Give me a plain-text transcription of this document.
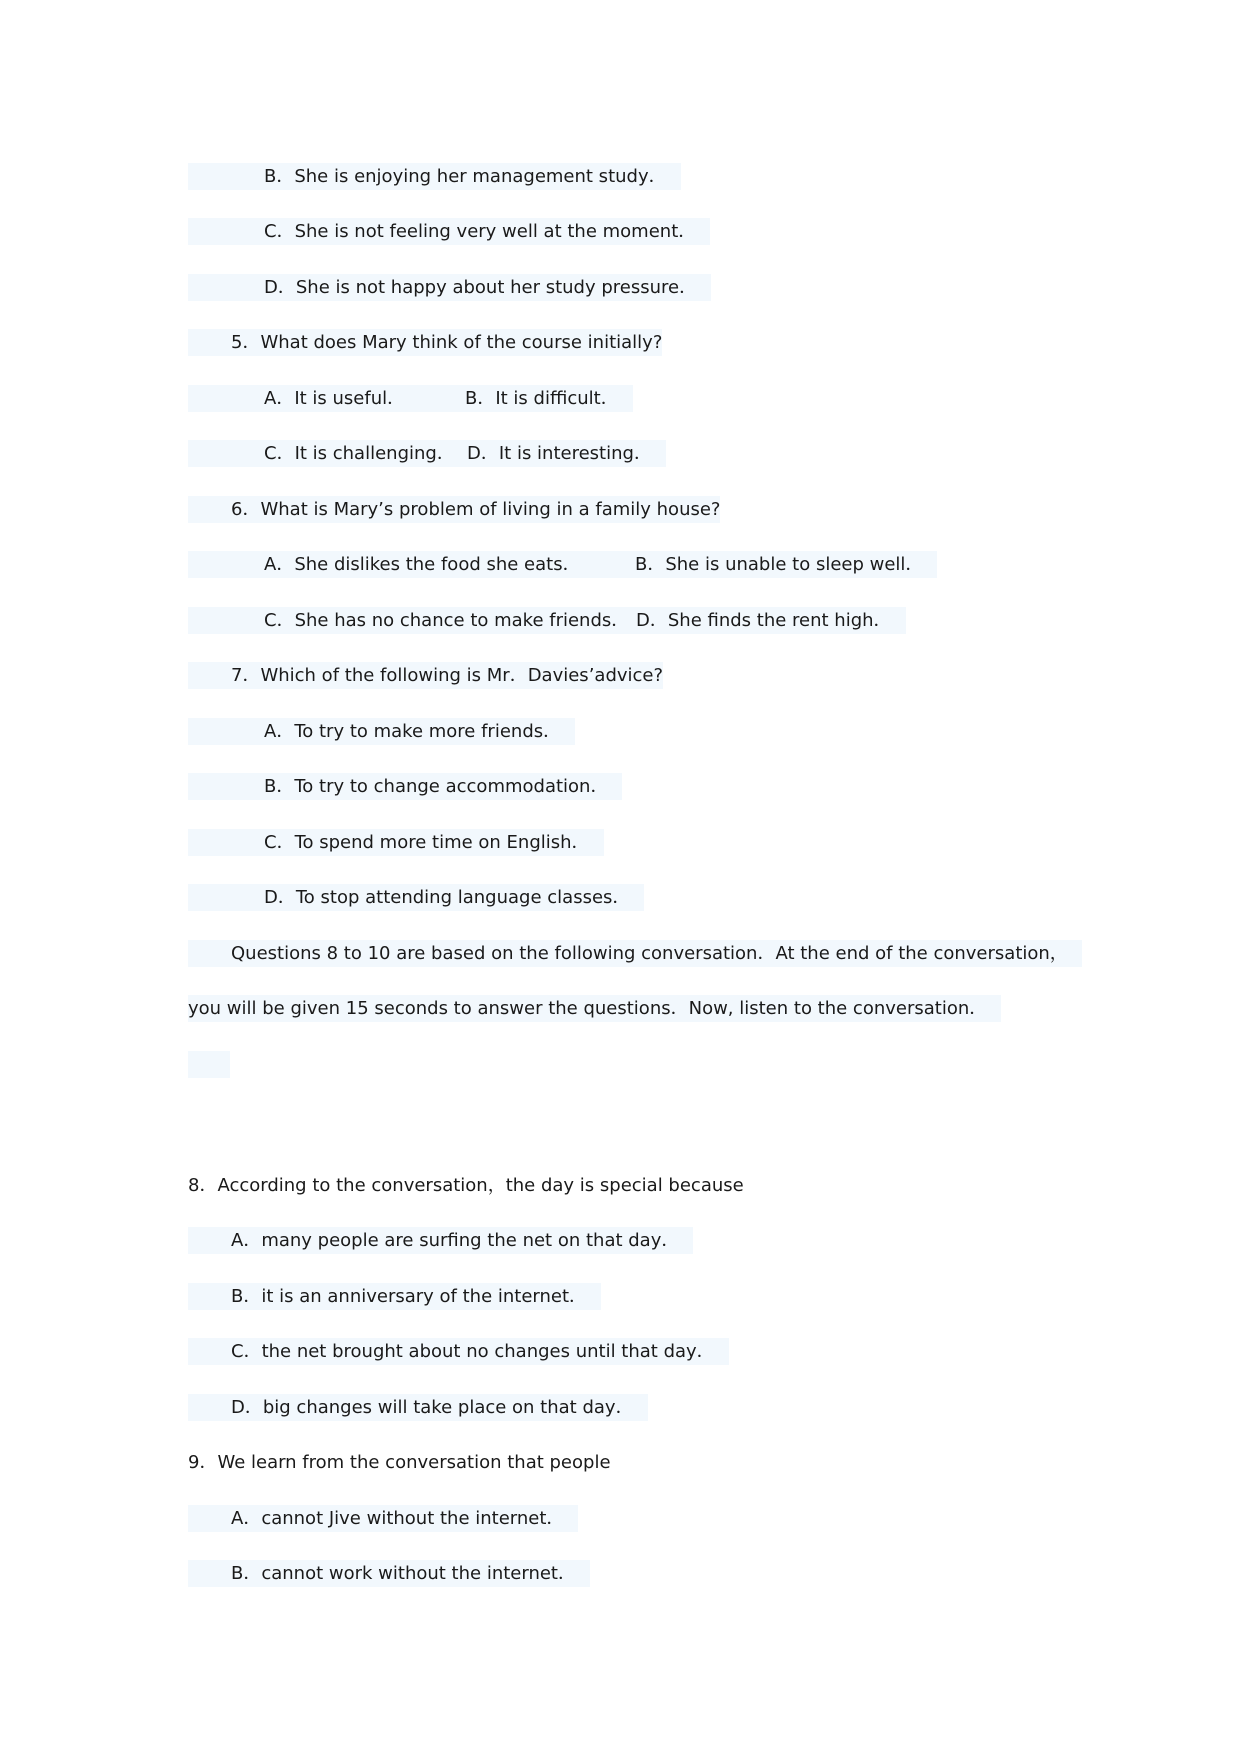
B．She is enjoying her management study．
C．She is not feeling very well at the moment．
D．She is not happy about her study pressure．
5．What does Mary think of the course initially?
A．It is useful．	B．It is difficult．
C．It is challenging． D．It is interesting．
6．What is Mary’s problem of living in a family house?
A．She dislikes the food she eats．	B．She is unable to sleep well．
C．She has no chance to make friends． D．She finds the rent high．
7．Which of the following is Mr．Davies’advice?
A．To try to make more friends．
B．To try to change accommodation．
C．To spend more time on English．
D．To stop attending language classes．
Questions 8 to 10 are based on the following conversation．At the end of the conversation，
you will be given 15 seconds to answer the questions．Now, listen to the conversation．
8．According to the conversation，the day is special because
A．many people are surfing the net on that day．
B．it is an anniversary of the internet．
C．the net brought about no changes until that day．
D．big changes will take place on that day．
9．We learn from the conversation that people
A．cannot Jive without the internet．
B．cannot work without the internet．
